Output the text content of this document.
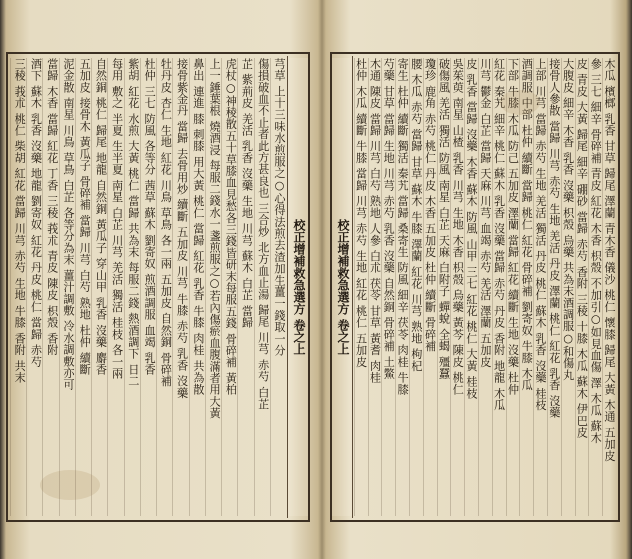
校正增補救急選方 卷之上
芎草 上十三味水煎服之○心得法煎去渣加生薑一錢取一分
傷損破血不止者此方甚良也 三合炒 北方血止湯 歸尾 川芎 赤芍 白芷
芷 紫荊皮 羌活 乳香 沒藥 生地 川芎 蘇木 白芷 當歸
虎杖○神稜散五十草膝血見愁各三錢皆研末每服五錢 骨碎補 黃柏
上一錘葉根 燒酒浸 每服二錢水一盞煎服之○若內傷瘀血腹滿者用大黃
鼻出 連進 膝 刺膝 用大黃 桃仁 當歸 紅花 乳香 牛膝 肉桂 共為散
接骨紫金丹 當歸 去骨用炒 續斷 五加皮 川芎 牛膝 赤芍 乳香 沒藥
牡丹皮 杏仁 生地 紅花 川鳥 草鳥 各一兩 五加皮 自然銅 骨碎補
杜仲 三七 防風 各等分 茜草 蘇木 劉寄奴 煎酒調服 血竭 乳香
紫胡 紅花 水煎 大黃 桃仁 當歸 共為末 每服二錢 熱酒調下 日二
每用 敷之 半夏 生半夏 南星 白芷 川芎 羌活 獨活 桂枝 各一兩
自然銅 桃仁 歸尾 地龍 自然銅 黃瓜子 穿山甲 乳香 沒藥 麝香
五加皮 接骨木 黃瓜子 骨碎補 當歸 川芎 白芍 熟地 杜仲 續斷
泥金散 南星 川鳥 草鳥 白芷 各等分為末 薑汁調敷 冷水調敷亦可
當歸 木香 當歸 紅花 丁香 三稜 莪朮 青皮 陳皮 枳殼 香附
酒下 蘇木 乳香 沒藥 地龍 劉寄奴 紅花 丹皮 桃仁 當歸 赤芍
三稜 莪朮 桃仁 柴胡 紅花 當歸 川芎 赤芍 生地 牛膝 香附 共末	校正增補救急選方 卷之上	木瓜 檳榔 乳香 甘草 歸尾 澤蘭 青木香 儀沙 桃仁 懷膝 歸尾 大黃 木通 五加皮
參 三七 細辛 骨碎補 青皮 紅花 木香 枳殼 不加引○如見血傷 澤 木瓜 蘇木
皮 青皮 大黃 歸尾 細辛 硼砂 當歸 赤芍 香附 三稜 十膝 木瓜 蘇木 伊巴皮
大腹皮 細辛 木香 乳香 沒藥 枳殼 烏藥 共為末酒調服○和傷丸
接骨人參散 當歸 川芎 赤芍 生地 羌活 丹皮 澤蘭 桃仁 紅花 乳香 沒藥
上部 川芎 當歸 赤芍 生地 羌活 獨活 丹皮 桃仁 蘇木 乳香 沒藥 桂枝
酒調服 中部 杜仲 續斷 當歸 桃仁 紅花 骨碎補 劉寄奴 牛膝 木瓜
下部 牛膝 木瓜 防己 五加皮 澤蘭 當歸 紅花 續斷 生地 沒藥 杜仲
紅花 秦艽 細辛 桃仁 蘇木 乳香 沒藥 當歸 赤芍 丹皮 香附 地龍 木瓜
川芎 鬱金 白芷 當歸 天麻 川芎 血竭 赤芍 羌活 澤蘭 五加皮
皮 乳香 當歸 沒藥 木香 蘇木 防風 山甲 三七 紅花 桃仁 大黃 桂枝
吳茱萸 南星 山楂 乳香 川芎 生地 木香 枳殼 烏藥 黃芩 陳皮 桃仁
破傷風 羌活 獨活 防風 南星 白芷 天麻 白附子 蟬蛻 全蝎 殭蠶
瓊珍 鹿角 赤芍 桃仁 丹皮 木香 五加皮 杜仲 續斷 骨碎補
腰 木瓜 赤芍 當歸 甘草 蘇木 牛膝 澤蘭 紅花 川芎 熟地 枸杞
寄生 杜仲 續斷 獨活 秦艽 當歸 桑寄生 防風 細辛 茯苓 肉桂 牛膝
芍藥 甘草 當歸 生地 川芎 赤芍 乳香 沒藥 自然銅 骨碎補 土鱉
木通 陳皮 當歸 川芎 白芍 熟地 人參 白朮 茯苓 甘草 黃耆 肉桂
杜仲 木瓜 續斷 牛膝 當歸 川芎 赤芍 生地 紅花 桃仁 五加皮
